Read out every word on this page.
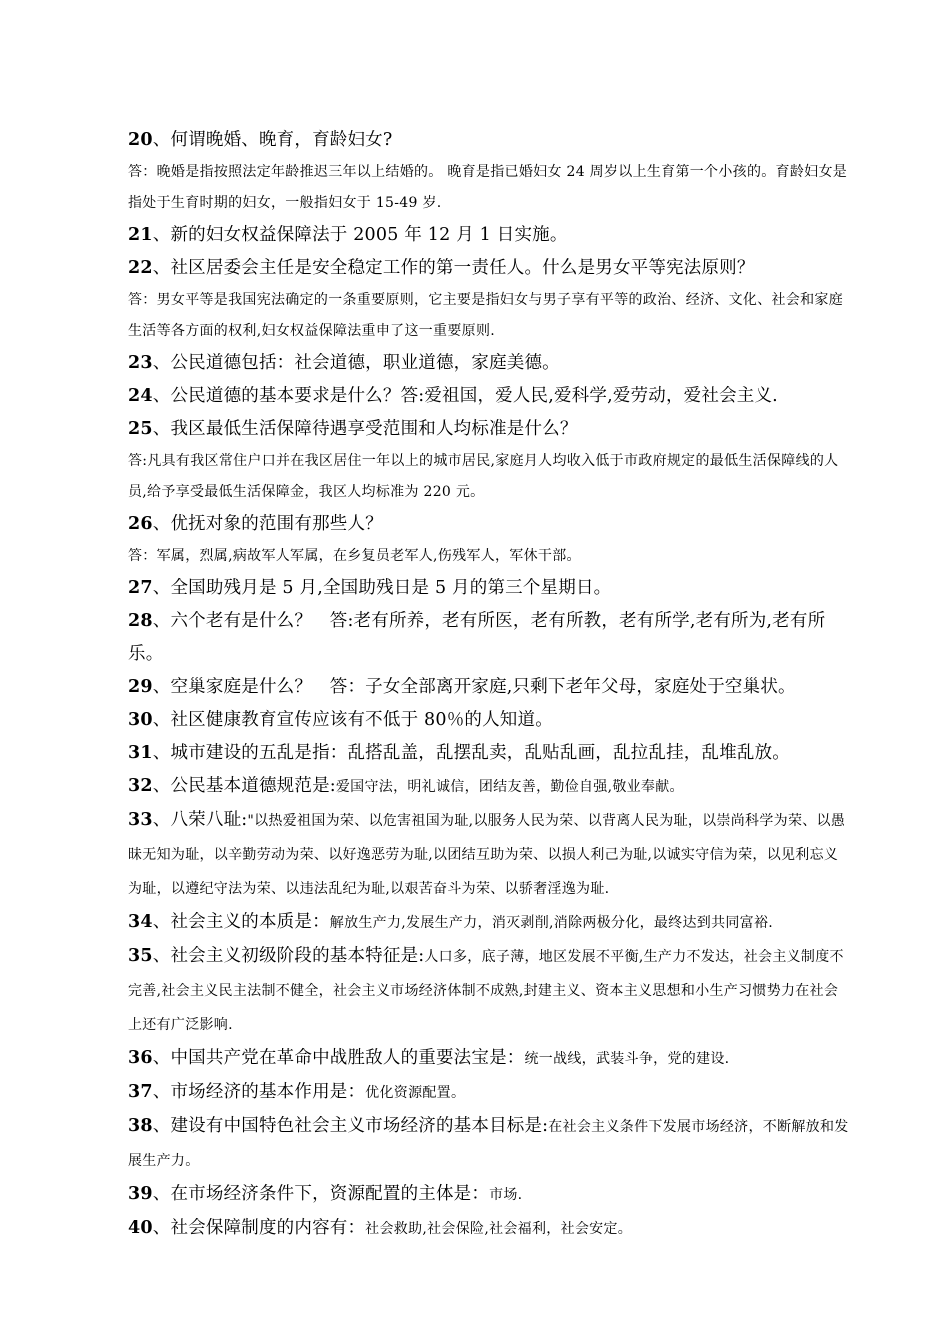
20、何谓晚婚、晚育，育龄妇女?

答：晚婚是指按照法定年龄推迟三年以上结婚的。 晚育是指已婚妇女 24 周岁以上生育第一个小孩的。育龄妇女是指处于生育时期的妇女，一般指妇女于 15-49 岁.

21、新的妇女权益保障法于 2005 年 12 月 1 日实施。

22、社区居委会主任是安全稳定工作的第一责任人。什么是男女平等宪法原则？

答：男女平等是我国宪法确定的一条重要原则，它主要是指妇女与男子享有平等的政治、经济、文化、社会和家庭生活等各方面的权利,妇女权益保障法重申了这一重要原则.

23、公民道德包括：社会道德，职业道德，家庭美德。

24、公民道德的基本要求是什么？答:爱祖国，爱人民,爱科学,爱劳动，爱社会主义.

25、我区最低生活保障待遇享受范围和人均标准是什么？

答:凡具有我区常住户口并在我区居住一年以上的城市居民,家庭月人均收入低于市政府规定的最低生活保障线的人员,给予享受最低生活保障金，我区人均标准为 220 元。

26、优抚对象的范围有那些人？

答：军属，烈属,病故军人军属，在乡复员老军人,伤残军人，军休干部。

27、全国助残月是 5 月,全国助残日是 5 月的第三个星期日。

28、六个老有是什么？　答:老有所养，老有所医，老有所教，老有所学,老有所为,老有所乐。

29、空巢家庭是什么？　答：子女全部离开家庭,只剩下老年父母，家庭处于空巢状。

30、社区健康教育宣传应该有不低于 80％的人知道。

31、城市建设的五乱是指：乱搭乱盖，乱摆乱卖，乱贴乱画，乱拉乱挂，乱堆乱放。

32、公民基本道德规范是:爱国守法，明礼诚信，团结友善，勤俭自强,敬业奉献。

33、八荣八耻:"以热爱祖国为荣、以危害祖国为耻,以服务人民为荣、以背离人民为耻，以崇尚科学为荣、以愚昧无知为耻，以辛勤劳动为荣、以好逸恶劳为耻,以团结互助为荣、以损人利己为耻,以诚实守信为荣，以见利忘义为耻，以遵纪守法为荣、以违法乱纪为耻,以艰苦奋斗为荣、以骄奢淫逸为耻.

34、社会主义的本质是：解放生产力,发展生产力，消灭剥削,消除两极分化，最终达到共同富裕.

35、社会主义初级阶段的基本特征是:人口多，底子薄，地区发展不平衡,生产力不发达，社会主义制度不完善,社会主义民主法制不健全，社会主义市场经济体制不成熟,封建主义、资本主义思想和小生产习惯势力在社会上还有广泛影响.

36、中国共产党在革命中战胜敌人的重要法宝是：统一战线，武装斗争，党的建设.

37、市场经济的基本作用是：优化资源配置。

38、建设有中国特色社会主义市场经济的基本目标是:在社会主义条件下发展市场经济，不断解放和发展生产力。

39、在市场经济条件下，资源配置的主体是：市场.

40、社会保障制度的内容有：社会救助,社会保险,社会福利，社会安定。
